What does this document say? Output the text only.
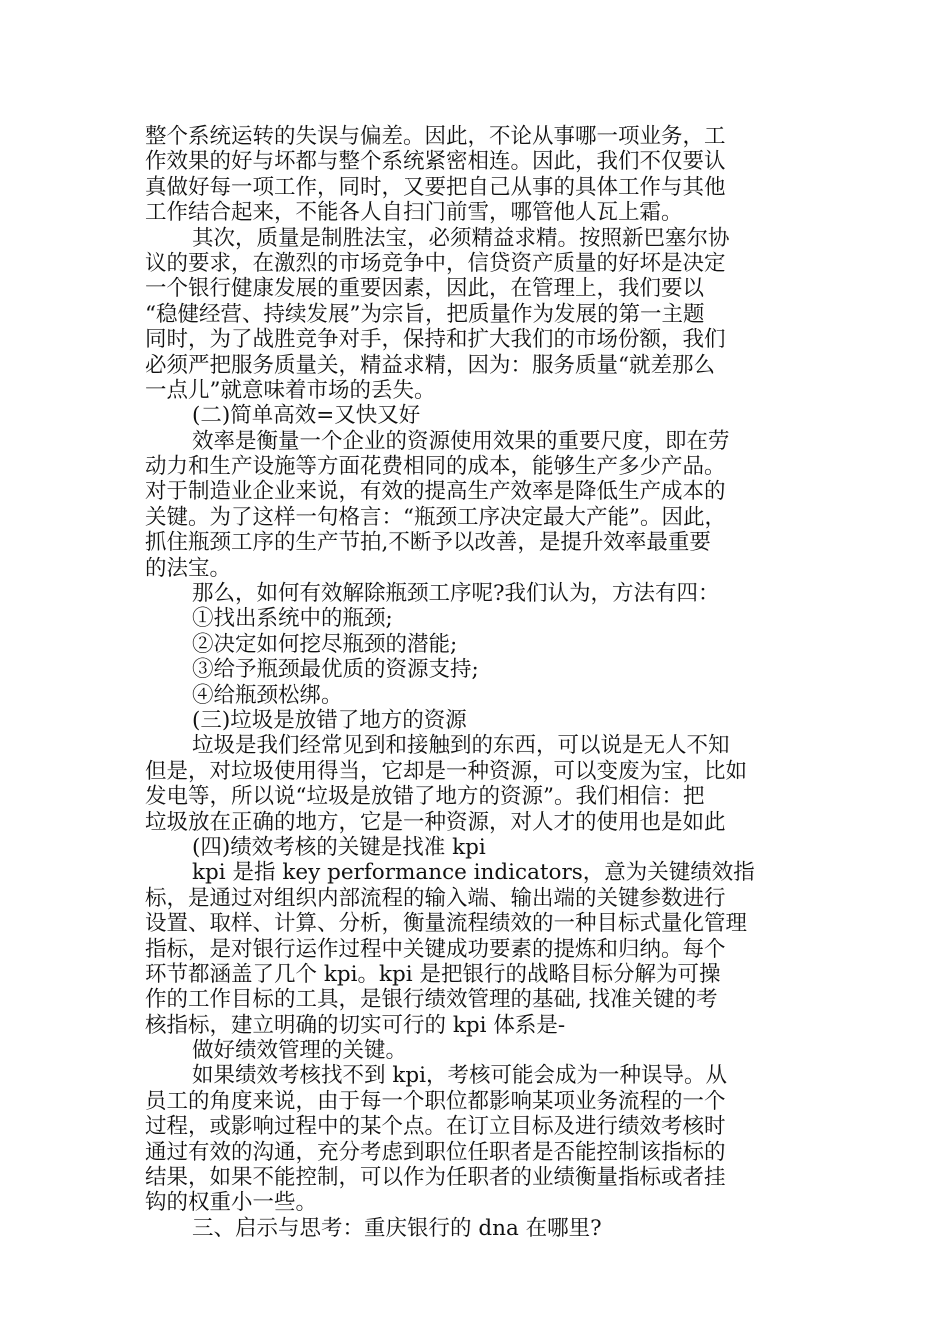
整个系统运转的失误与偏差。因此，不论从事哪一项业务，工
作效果的好与坏都与整个系统紧密相连。因此，我们不仅要认
真做好每一项工作，同时，又要把自己从事的具体工作与其他
工作结合起来，不能各人自扫门前雪，哪管他人瓦上霜。
其次，质量是制胜法宝，必须精益求精。按照新巴塞尔协
议的要求，在激烈的市场竞争中，信贷资产质量的好坏是决定
一个银行健康发展的重要因素，因此，在管理上，我们要以
“稳健经营、持续发展”为宗旨，把质量作为发展的第一主题
同时，为了战胜竞争对手，保持和扩大我们的市场份额，我们
必须严把服务质量关，精益求精，因为：服务质量“就差那么
一点儿”就意味着市场的丢失。
(二)简单高效=又快又好
效率是衡量一个企业的资源使用效果的重要尺度，即在劳
动力和生产设施等方面花费相同的成本，能够生产多少产品。
对于制造业企业来说，有效的提高生产效率是降低生产成本的
关键。为了这样一句格言：“瓶颈工序决定最大产能”。因此，
抓住瓶颈工序的生产节拍,不断予以改善，是提升效率最重要
的法宝。
那么，如何有效解除瓶颈工序呢?我们认为，方法有四：
①找出系统中的瓶颈;
②决定如何挖尽瓶颈的潜能;
③给予瓶颈最优质的资源支持;
④给瓶颈松绑。
(三)垃圾是放错了地方的资源
垃圾是我们经常见到和接触到的东西，可以说是无人不知
但是，对垃圾使用得当，它却是一种资源，可以变废为宝，比如
发电等，所以说“垃圾是放错了地方的资源”。我们相信：把
垃圾放在正确的地方，它是一种资源，对人才的使用也是如此
(四)绩效考核的关键是找准 kpi
kpi 是指 key performance indicators，意为关键绩效指
标，是通过对组织内部流程的输入端、输出端的关键参数进行
设置、取样、计算、分析，衡量流程绩效的一种目标式量化管理
指标，是对银行运作过程中关键成功要素的提炼和归纳。每个
环节都涵盖了几个 kpi。kpi 是把银行的战略目标分解为可操
作的工作目标的工具，是银行绩效管理的基础, 找准关键的考
核指标，建立明确的切实可行的 kpi 体系是-
做好绩效管理的关键。
如果绩效考核找不到 kpi，考核可能会成为一种误导。从
员工的角度来说，由于每一个职位都影响某项业务流程的一个
过程，或影响过程中的某个点。在订立目标及进行绩效考核时
通过有效的沟通，充分考虑到职位任职者是否能控制该指标的
结果，如果不能控制，可以作为任职者的业绩衡量指标或者挂
钩的权重小一些。
三、启示与思考：重庆银行的 dna 在哪里?
